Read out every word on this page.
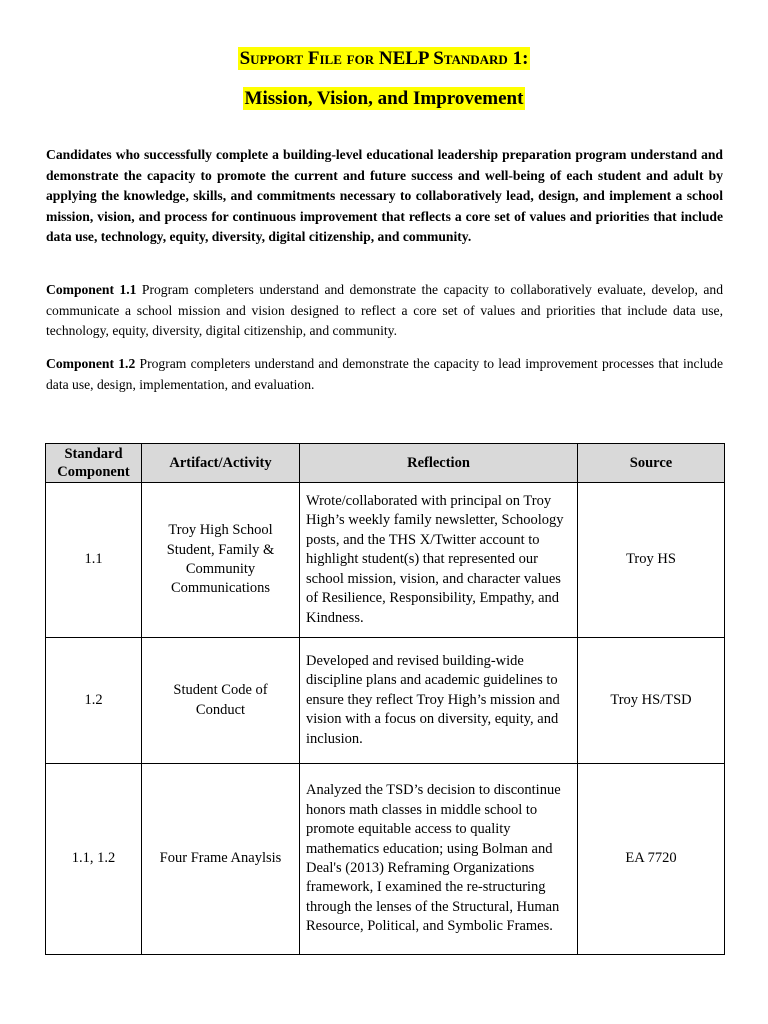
Support File for NELP Standard 1:
Mission, Vision, and Improvement

Candidates who successfully complete a building-level educational leadership preparation program understand and demonstrate the capacity to promote the current and future success and well-being of each student and adult by applying the knowledge, skills, and commitments necessary to collaboratively lead, design, and implement a school mission, vision, and process for continuous improvement that reflects a core set of values and priorities that include data use, technology, equity, diversity, digital citizenship, and community.

Component 1.1 Program completers understand and demonstrate the capacity to collaboratively evaluate, develop, and communicate a school mission and vision designed to reflect a core set of values and priorities that include data use, technology, equity, diversity, digital citizenship, and community.

Component 1.2 Program completers understand and demonstrate the capacity to lead improvement processes that include data use, design, implementation, and evaluation.

Standard Component	Artifact/Activity	Reflection	Source
1.1	Troy High School Student, Family & Community Communications	Wrote/collaborated with principal on Troy High’s weekly family newsletter, Schoology posts, and the THS X/Twitter account to highlight student(s) that represented our school mission, vision, and character values of Resilience, Responsibility, Empathy, and Kindness.	Troy HS
1.2	Student Code of Conduct	Developed and revised building-wide discipline plans and academic guidelines to ensure they reflect Troy High’s mission and vision with a focus on diversity, equity, and inclusion.	Troy HS/TSD
1.1, 1.2	Four Frame Anaylsis	Analyzed the TSD’s decision to discontinue honors math classes in middle school to promote equitable access to quality mathematics education; using Bolman and Deal's (2013) Reframing Organizations framework, I examined the re-structuring through the lenses of the Structural, Human Resource, Political, and Symbolic Frames.	EA 7720
